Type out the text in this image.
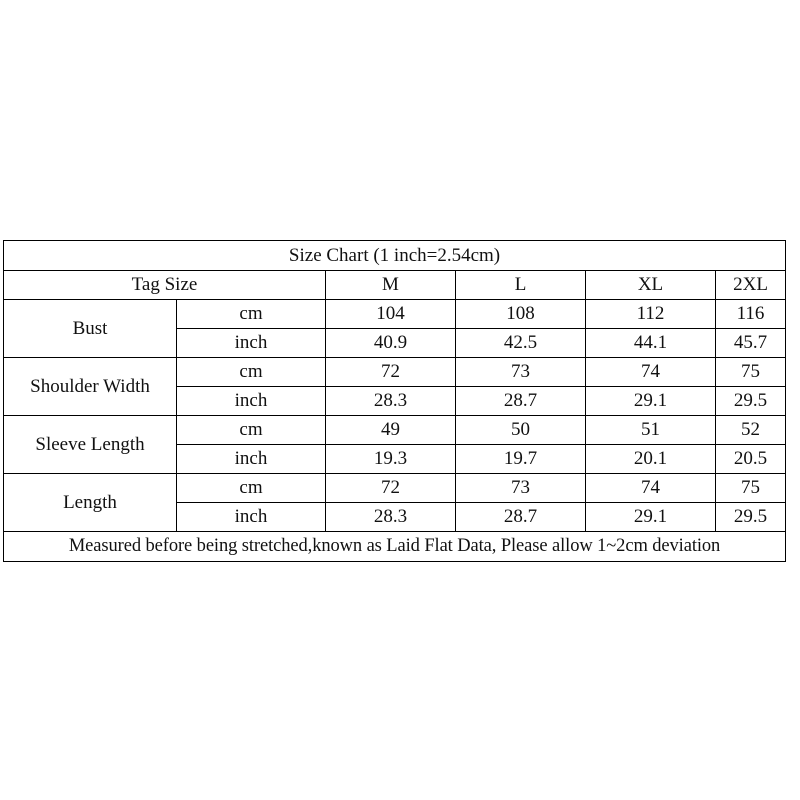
Size Chart (1 inch=2.54cm)					
Tag Size		M	L	XL	2XL
Bust	cm	104	108	112	116
	inch	40.9	42.5	44.1	45.7
Shoulder Width	cm	72	73	74	75
	inch	28.3	28.7	29.1	29.5
Sleeve Length	cm	49	50	51	52
	inch	19.3	19.7	20.1	20.5
Length	cm	72	73	74	75
	inch	28.3	28.7	29.1	29.5
Measured before being stretched,known as Laid Flat Data, Please allow 1~2cm deviation					
